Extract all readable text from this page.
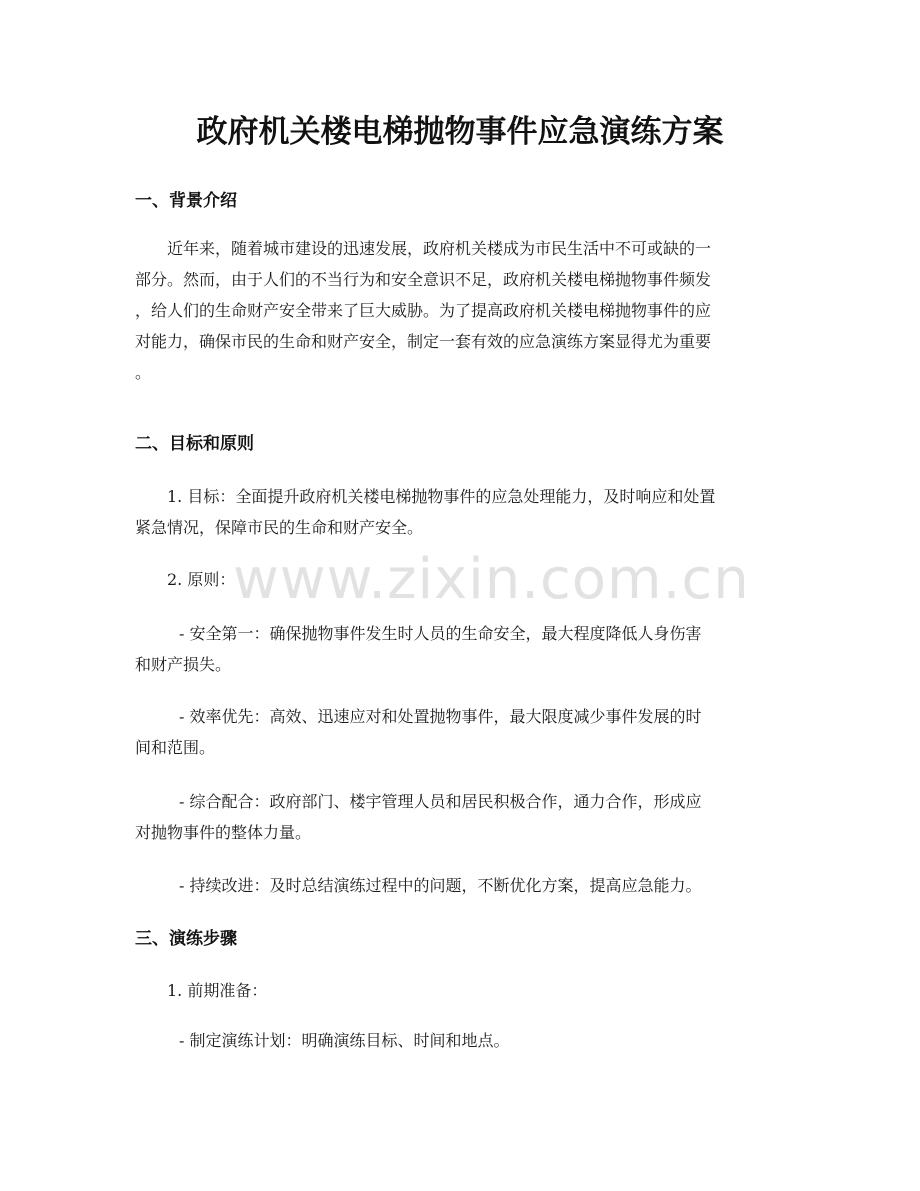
政府机关楼电梯抛物事件应急演练方案
一、背景介绍

近年来，随着城市建设的迅速发展，政府机关楼成为市民生活中不可或缺的一
部分。然而，由于人们的不当行为和安全意识不足，政府机关楼电梯抛物事件频发
，给人们的生命财产安全带来了巨大威胁。为了提高政府机关楼电梯抛物事件的应
对能力，确保市民的生命和财产安全，制定一套有效的应急演练方案显得尤为重要
。

二、目标和原则

1. 目标：全面提升政府机关楼电梯抛物事件的应急处理能力，及时响应和处置
紧急情况，保障市民的生命和财产安全。

2. 原则：

- 安全第一：确保抛物事件发生时人员的生命安全，最大程度降低人身伤害
和财产损失。

- 效率优先：高效、迅速应对和处置抛物事件，最大限度减少事件发展的时
间和范围。

- 综合配合：政府部门、楼宇管理人员和居民积极合作，通力合作，形成应
对抛物事件的整体力量。

- 持续改进：及时总结演练过程中的问题，不断优化方案，提高应急能力。

三、演练步骤

1. 前期准备：

- 制定演练计划：明确演练目标、时间和地点。

www.zixin.com.cn
